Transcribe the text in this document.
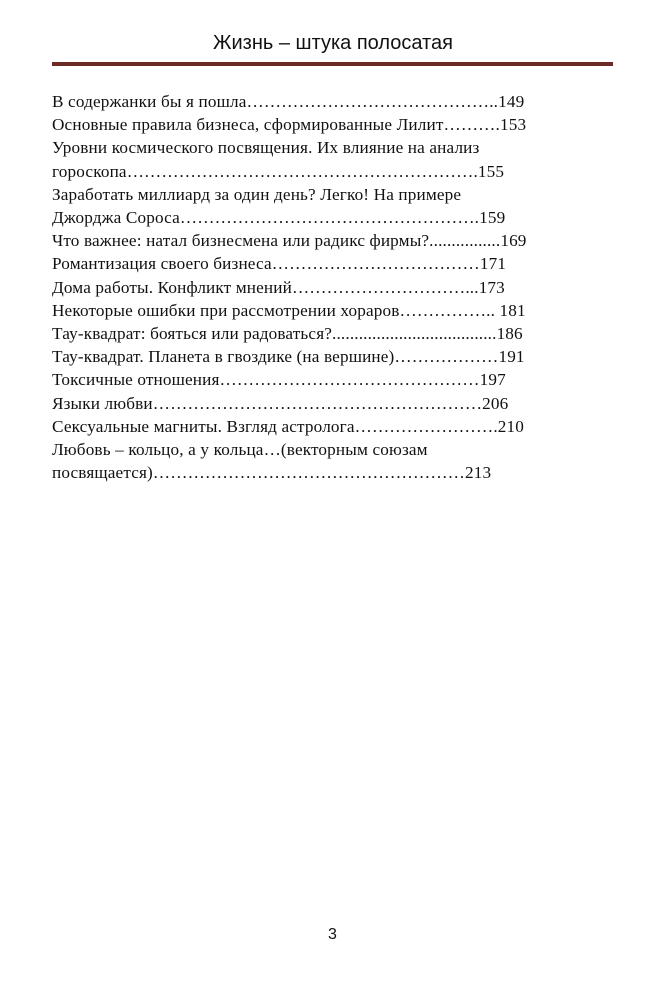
Жизнь – штука полосатая
В содержанки бы я пошла……………………………………..149
Основные правила бизнеса, сформированные Лилит……….153
Уровни космического посвящения. Их влияние на анализ
гороскопа…………………………………………………….155
Заработать миллиард за один день? Легко! На примере
Джорджа Сороса…………………………………………….159
Что важнее: натал бизнесмена или радикс фирмы?................169
Романтизация своего бизнеса………………………………171
Дома работы. Конфликт мнений…………………………...173
Некоторые ошибки при рассмотрении хораров…………….. 181
Тау-квадрат: бояться или радоваться?.....................................186
Тау-квадрат. Планета в гвоздике (на вершине)………………191
Токсичные отношения………………………………………197
Языки любви…………………………………………………206
Сексуальные магниты. Взгляд астролога…………………….210
Любовь – кольцо, а у кольца…(векторным союзам
посвящается)………………………………………………213
3
